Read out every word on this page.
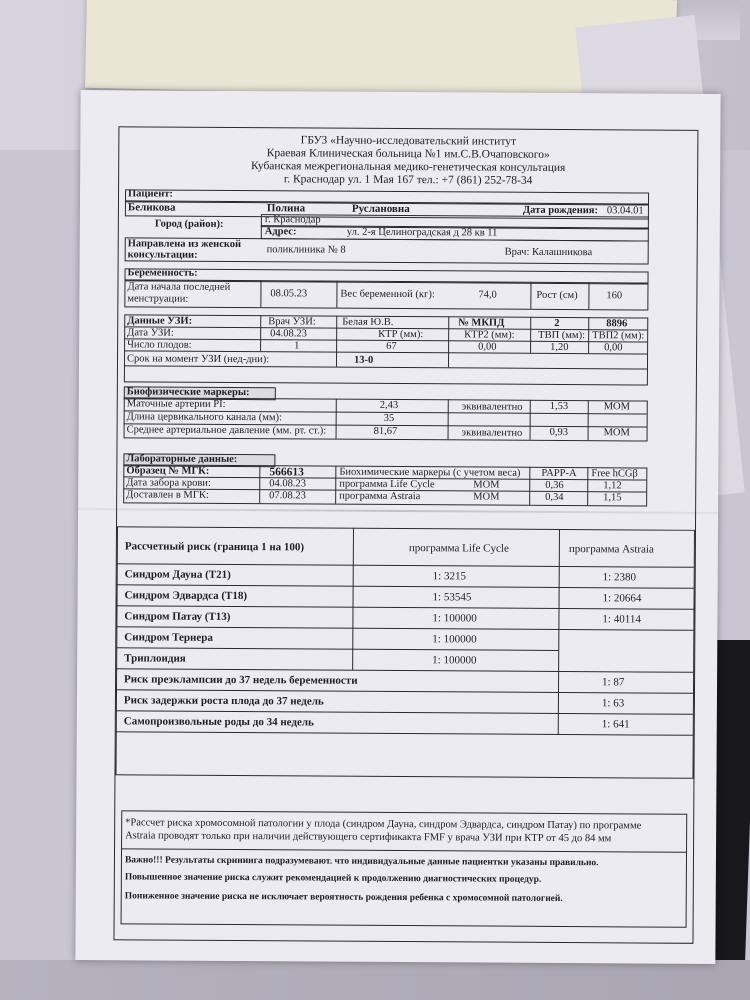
ГБУЗ «Научно-исследовательский институт
Краевая Клиническая больница №1 им.С.В.Очаповского»
Кубанская межрегиональная медико-генетическая консультация
г. Краснодар ул. 1 Мая 167 тел.: +7 (861) 252-78-34
Пациент:
Беликова	Полина	Руслановна	Дата рождения: 03.04.01
Город (район):	г. Краснодар
Адрес:	ул. 2-я Целиноградская д 28 кв 11
Направлена из женской
консультации:	поликлиника № 8	Врач: Калашникова
Беременность:
Дата начала последней
менструации:	08.05.23	Вес беременной (кг):	74,0	Рост (см)	160
Данные УЗИ:	Врач УЗИ:	Белая Ю.В.	№ МКПД	2	8896
Дата УЗИ:	04.08.23	КТР (мм):	КТР2 (мм): ТВП (мм): ТВП2 (мм):
Число плодов:	1	67	0,00	1,20	0,00
Срок на момент УЗИ (нед-дни):	13-0
Биофизические маркеры:
Маточные артерии PI:	2,43	эквивалентно	1,53	MOM
Длина цервикального канала (мм):	35
Среднее артериальное давление (мм. рт. ст.):	81,67	эквивалентно	0,93	MOM
Лабораторные данные:
Образец № МГК:	566613	Биохимические маркеры (с учетом веса) PAPP-A Free hCGβ
Дата забора крови:	04.08.23	программа Life Cycle	MOM	0,36	1,12
Доставлен в МГК:	07.08.23	программа Astraia	MOM	0,34	1,15
Рассчетный риск (граница 1 на 100)	программа Life Cycle	программа Astraia
Синдром Дауна (T21)	1: 3215	1: 2380
Синдром Эдвардса (T18)	1: 53545	1: 20664
Синдром Патау (T13)	1: 100000	1: 40114
Синдром Тернера	1: 100000
Триплоидия	1: 100000
Риск преэклампсии до 37 недель беременности	1: 87
Риск задержки роста плода до 37 недель	1: 63
Самопроизвольные роды до 34 недель	1: 641
*Рассчет риска хромосомной патологии у плода (синдром Дауна, синдром Эдвардса, синдром Патау) по программе
Astraia проводят только при наличии действующего сертификакта FMF у врача УЗИ при КТР от 45 до 84 мм
Важно!!! Результаты скрининга подразумевают. что индивидуальные данные пациентки указаны правильно.
Повышенное значение риска служит рекомендацией к продолжению диагностических процедур.
Пониженное значение риска не исключает вероятность рождения ребенка с хромосомной патологией.
